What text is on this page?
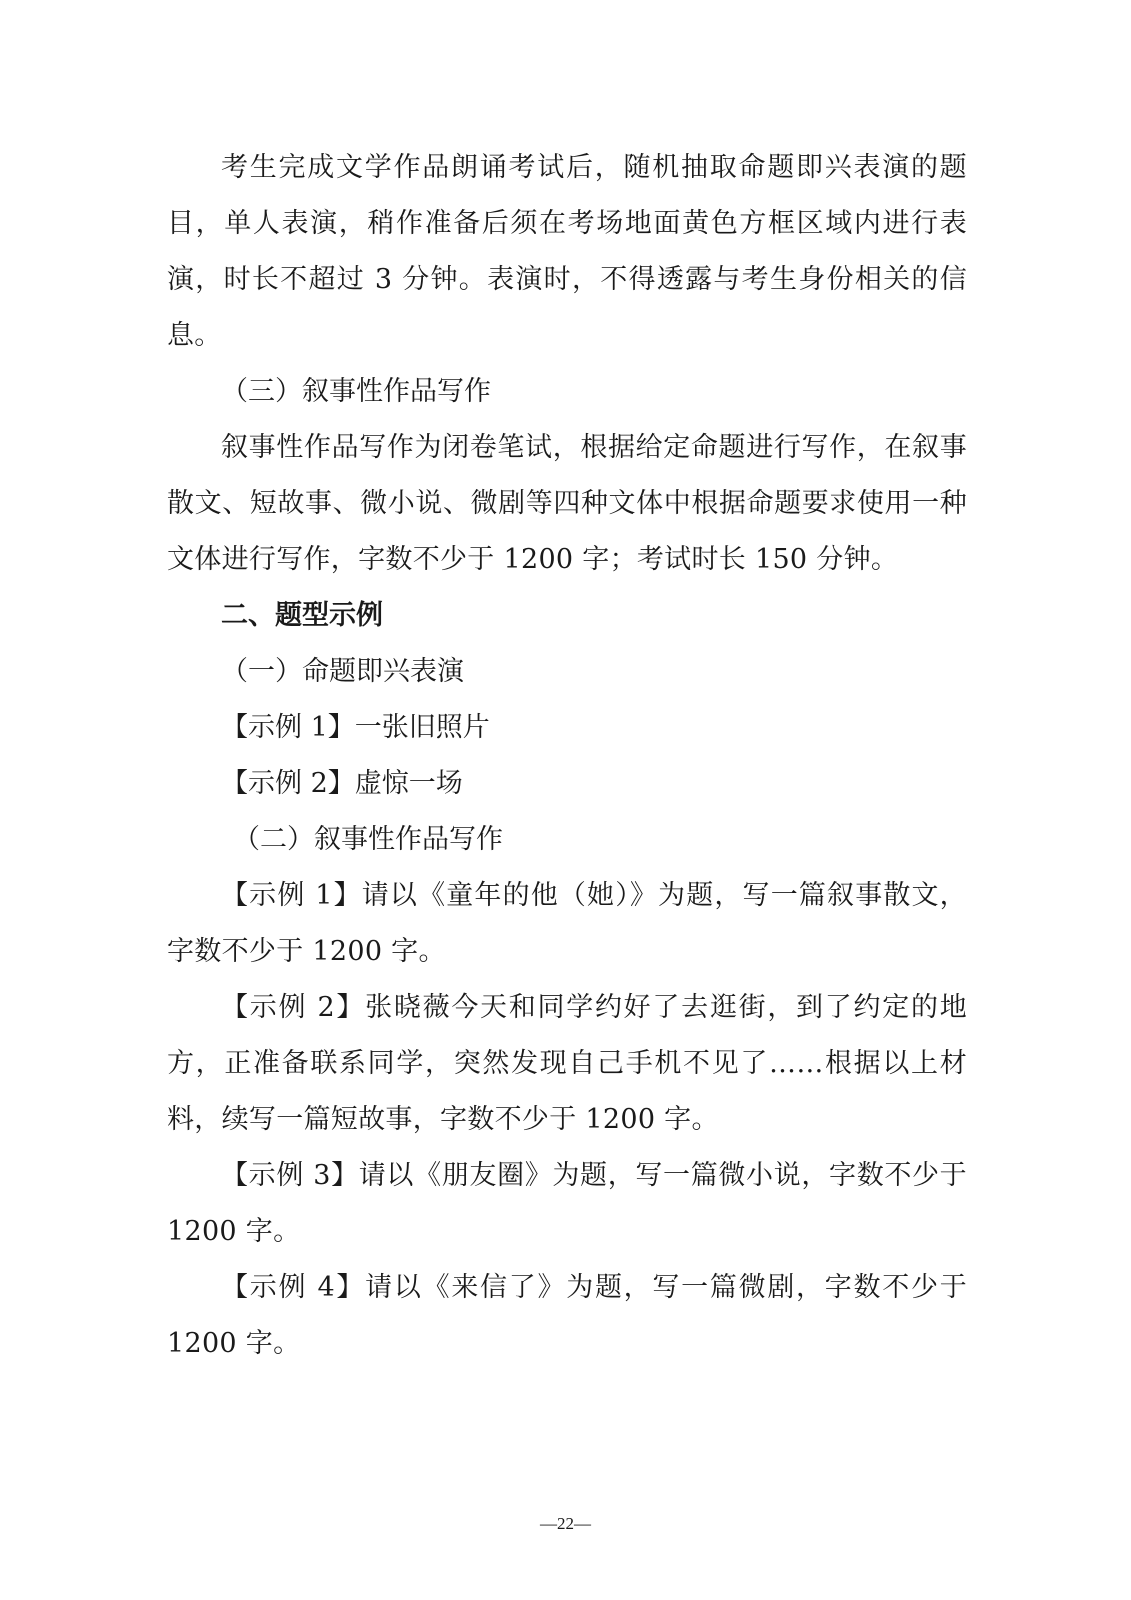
考生完成文学作品朗诵考试后，随机抽取命题即兴表演的题目，单人表演，稍作准备后须在考场地面黄色方框区域内进行表演，时长不超过 3 分钟。表演时，不得透露与考生身份相关的信息。

（三）叙事性作品写作

叙事性作品写作为闭卷笔试，根据给定命题进行写作，在叙事散文、短故事、微小说、微剧等四种文体中根据命题要求使用一种文体进行写作，字数不少于 1200 字；考试时长 150 分钟。

二、题型示例

（一）命题即兴表演

【示例 1】一张旧照片

【示例 2】虚惊一场

（二）叙事性作品写作

【示例 1】请以《童年的他（她）》为题，写一篇叙事散文，字数不少于 1200 字。

【示例 2】张晓薇今天和同学约好了去逛街，到了约定的地方，正准备联系同学，突然发现自己手机不见了……根据以上材料，续写一篇短故事，字数不少于 1200 字。

【示例 3】请以《朋友圈》为题，写一篇微小说，字数不少于 1200 字。

【示例 4】请以《来信了》为题，写一篇微剧，字数不少于 1200 字。

—22—
